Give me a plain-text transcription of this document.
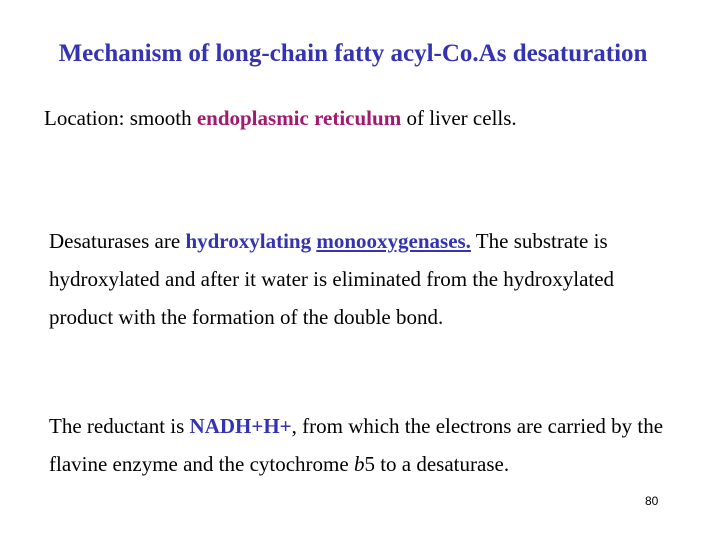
Mechanism of long-chain fatty acyl-Co.As desaturation
Location: smooth endoplasmic reticulum of liver cells.
Desaturases are hydroxylating monooxygenases. The substrate is hydroxylated and after it water is eliminated from the hydroxylated product with the formation of the double bond.
The reductant is NADH+H+, from which the electrons are carried by the flavine enzyme and the cytochrome b5 to a desaturase.
80
